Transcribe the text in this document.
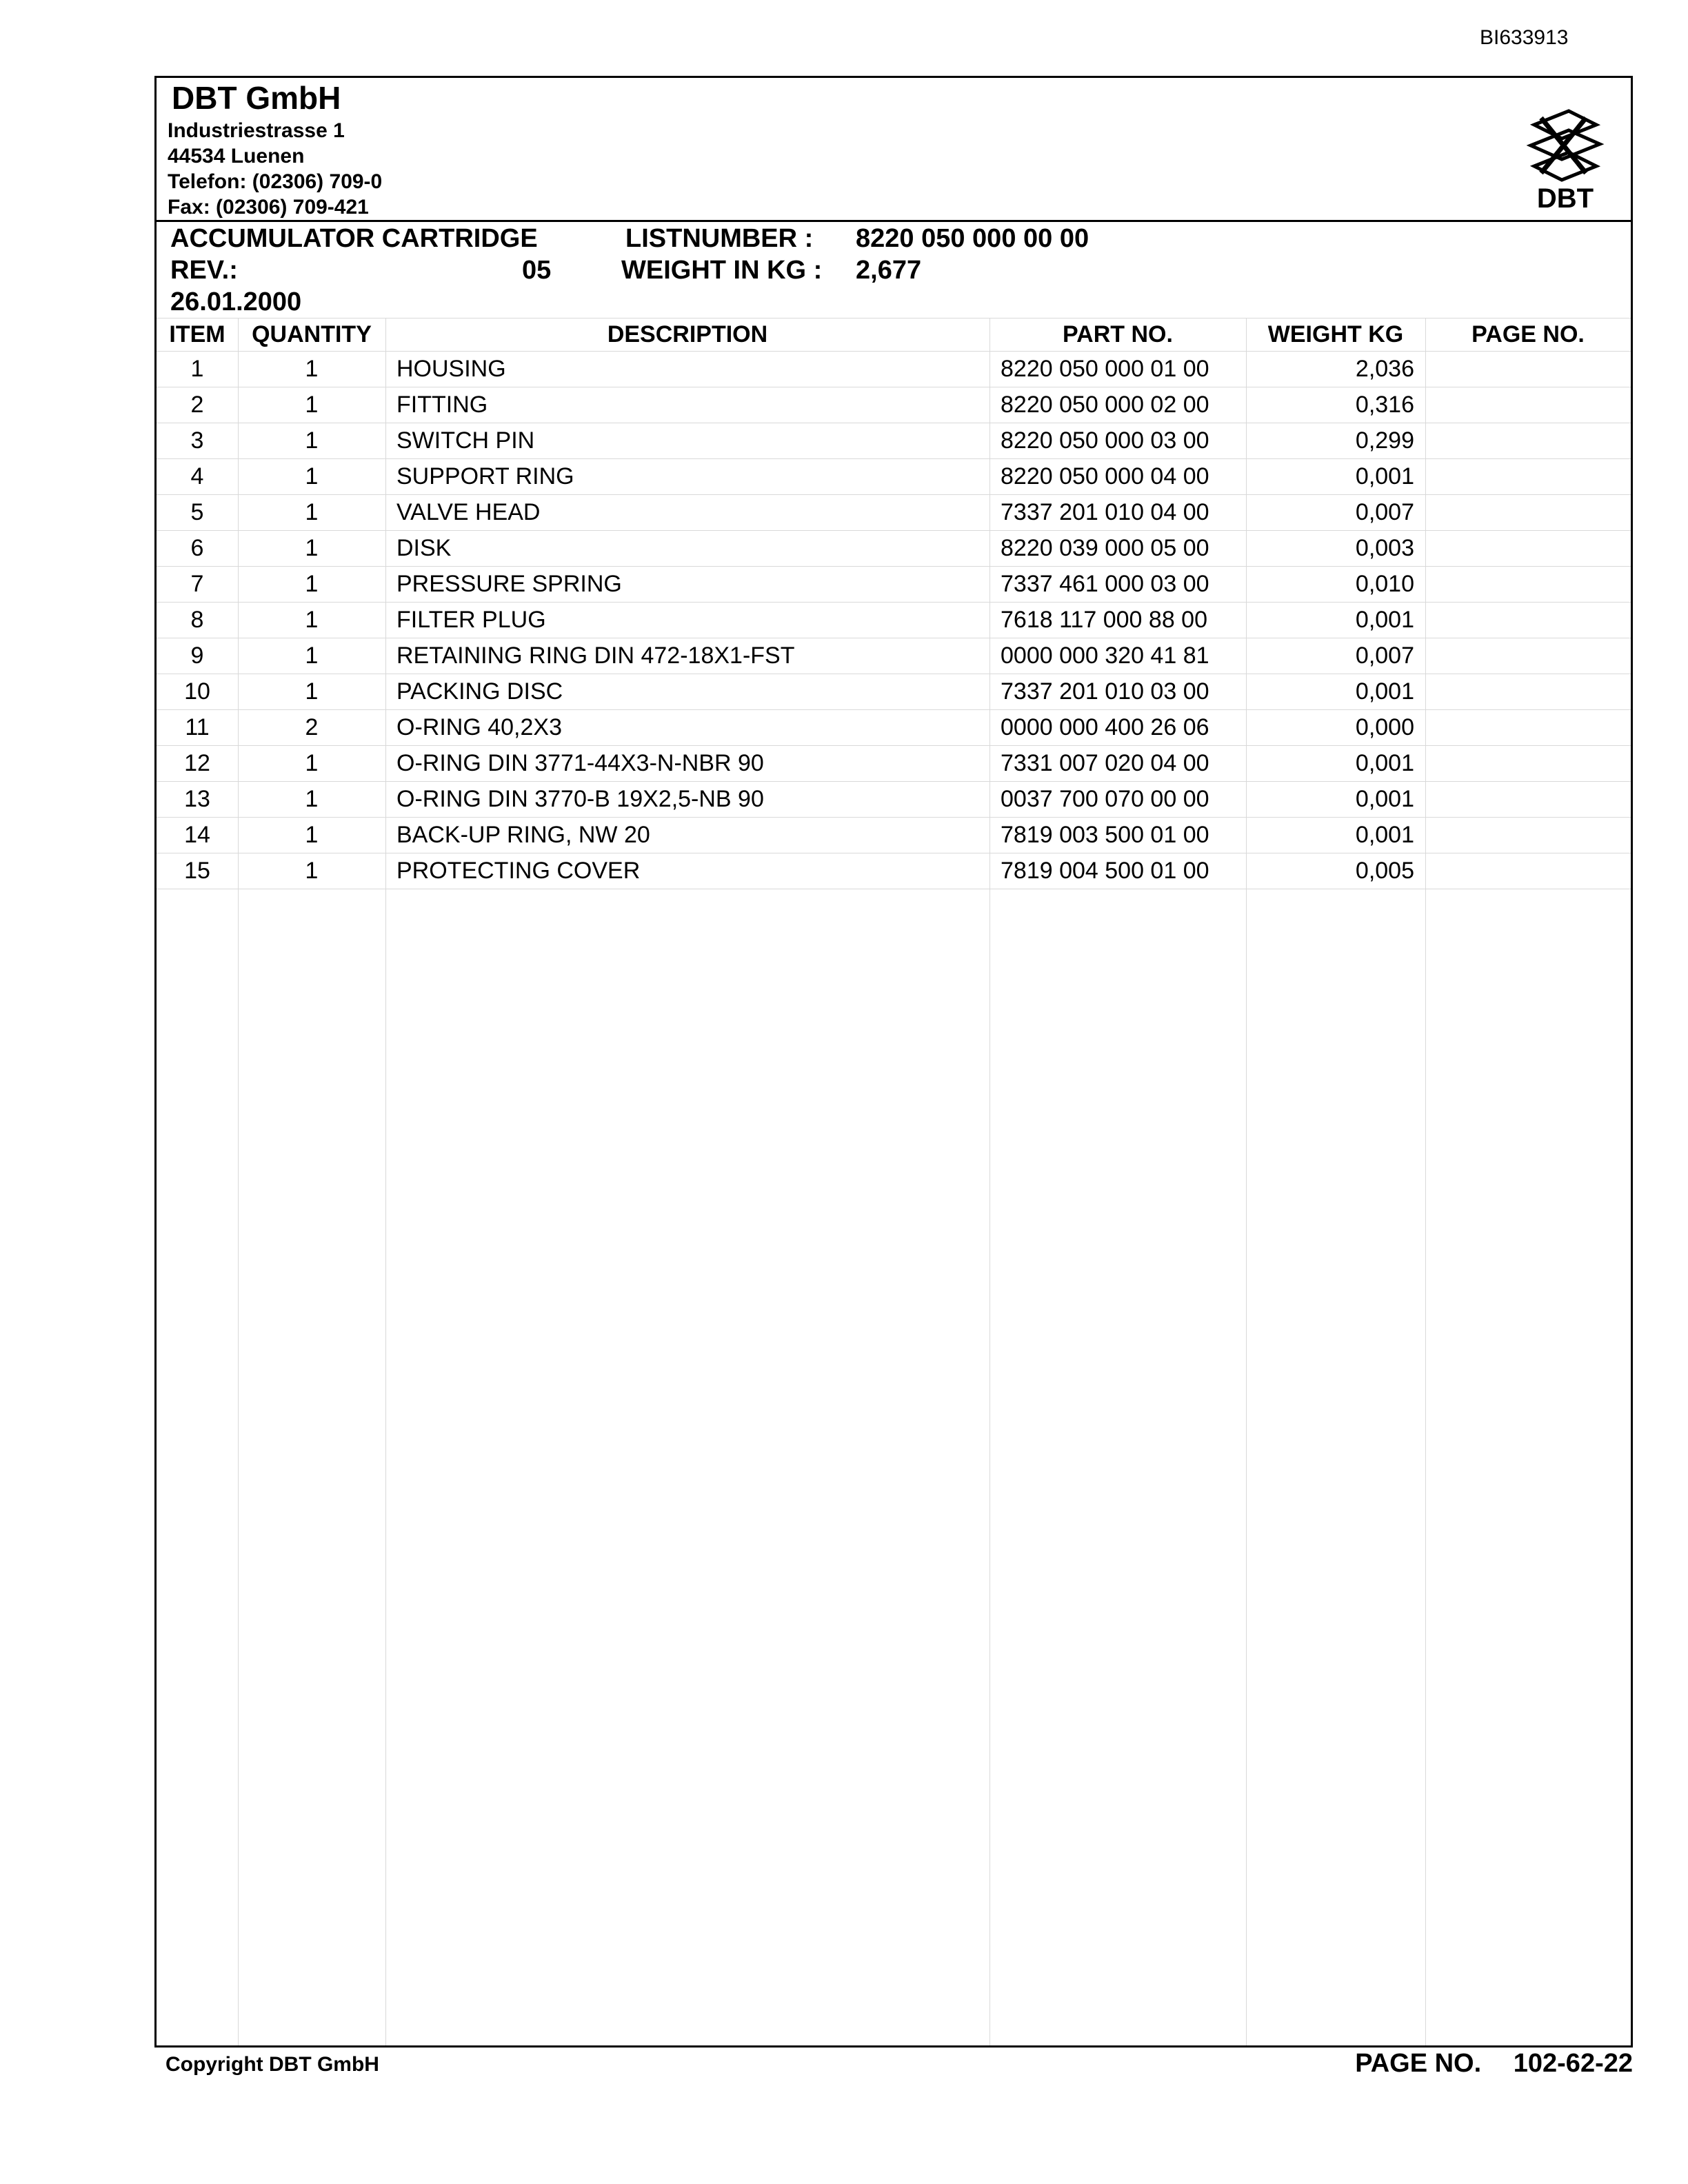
BI633913
DBT GmbH
Industriestrasse 1
44534 Luenen
Telefon: (02306) 709-0
Fax: (02306) 709-421	DBT
ACCUMULATOR CARTRIDGE	LISTNUMBER : 8220 050 000 00 00
REV.:	05	WEIGHT IN KG : 2,677
26.01.2000
ITEM	QUANTITY	DESCRIPTION	PART NO.	WEIGHT KG	PAGE NO.
1	1	HOUSING	8220 050 000 01 00	2,036
2	1	FITTING	8220 050 000 02 00	0,316
3	1	SWITCH PIN	8220 050 000 03 00	0,299
4	1	SUPPORT RING	8220 050 000 04 00	0,001
5	1	VALVE HEAD	7337 201 010 04 00	0,007
6	1	DISK	8220 039 000 05 00	0,003
7	1	PRESSURE SPRING	7337 461 000 03 00	0,010
8	1	FILTER PLUG	7618 117 000 88 00	0,001
9	1	RETAINING RING DIN 472-18X1-FST	0000 000 320 41 81	0,007
10	1	PACKING DISC	7337 201 010 03 00	0,001
11	2	O-RING 40,2X3	0000 000 400 26 06	0,000
12	1	O-RING DIN 3771-44X3-N-NBR 90	7331 007 020 04 00	0,001
13	1	O-RING DIN 3770-B 19X2,5-NB 90	0037 700 070 00 00	0,001
14	1	BACK-UP RING, NW 20	7819 003 500 01 00	0,001
15	1	PROTECTING COVER	7819 004 500 01 00	0,005
Copyright DBT GmbH	PAGE NO. 102-62-22
